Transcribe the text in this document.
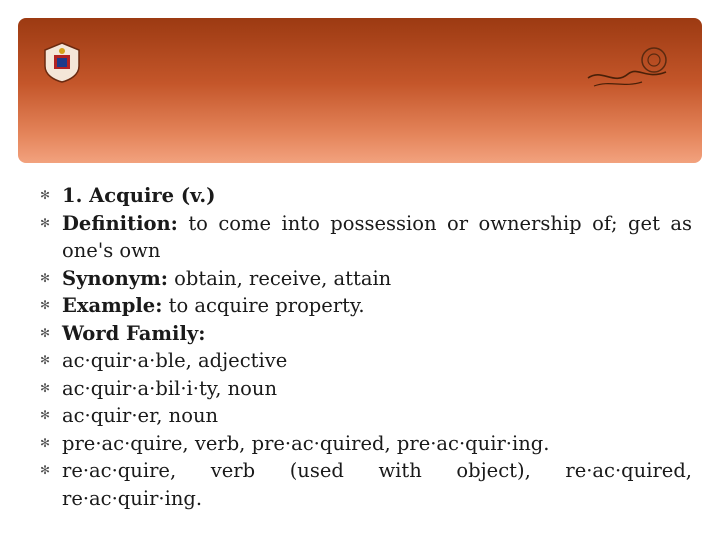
✻ 1. Acquire (v.)
✻ Definition: to come into possession or ownership of; get as one's own
✻ Synonym: obtain, receive, attain
✻ Example: to acquire property.
✻ Word Family:
✻ ac·quir·a·ble, adjective
✻ ac·quir·a·bil·i·ty, noun
✻ ac·quir·er, noun
✻ pre·ac·quire, verb, pre·ac·quired, pre·ac·quir·ing.
✻ re·ac·quire, verb (used with object), re·ac·quired, re·ac·quir·ing.
